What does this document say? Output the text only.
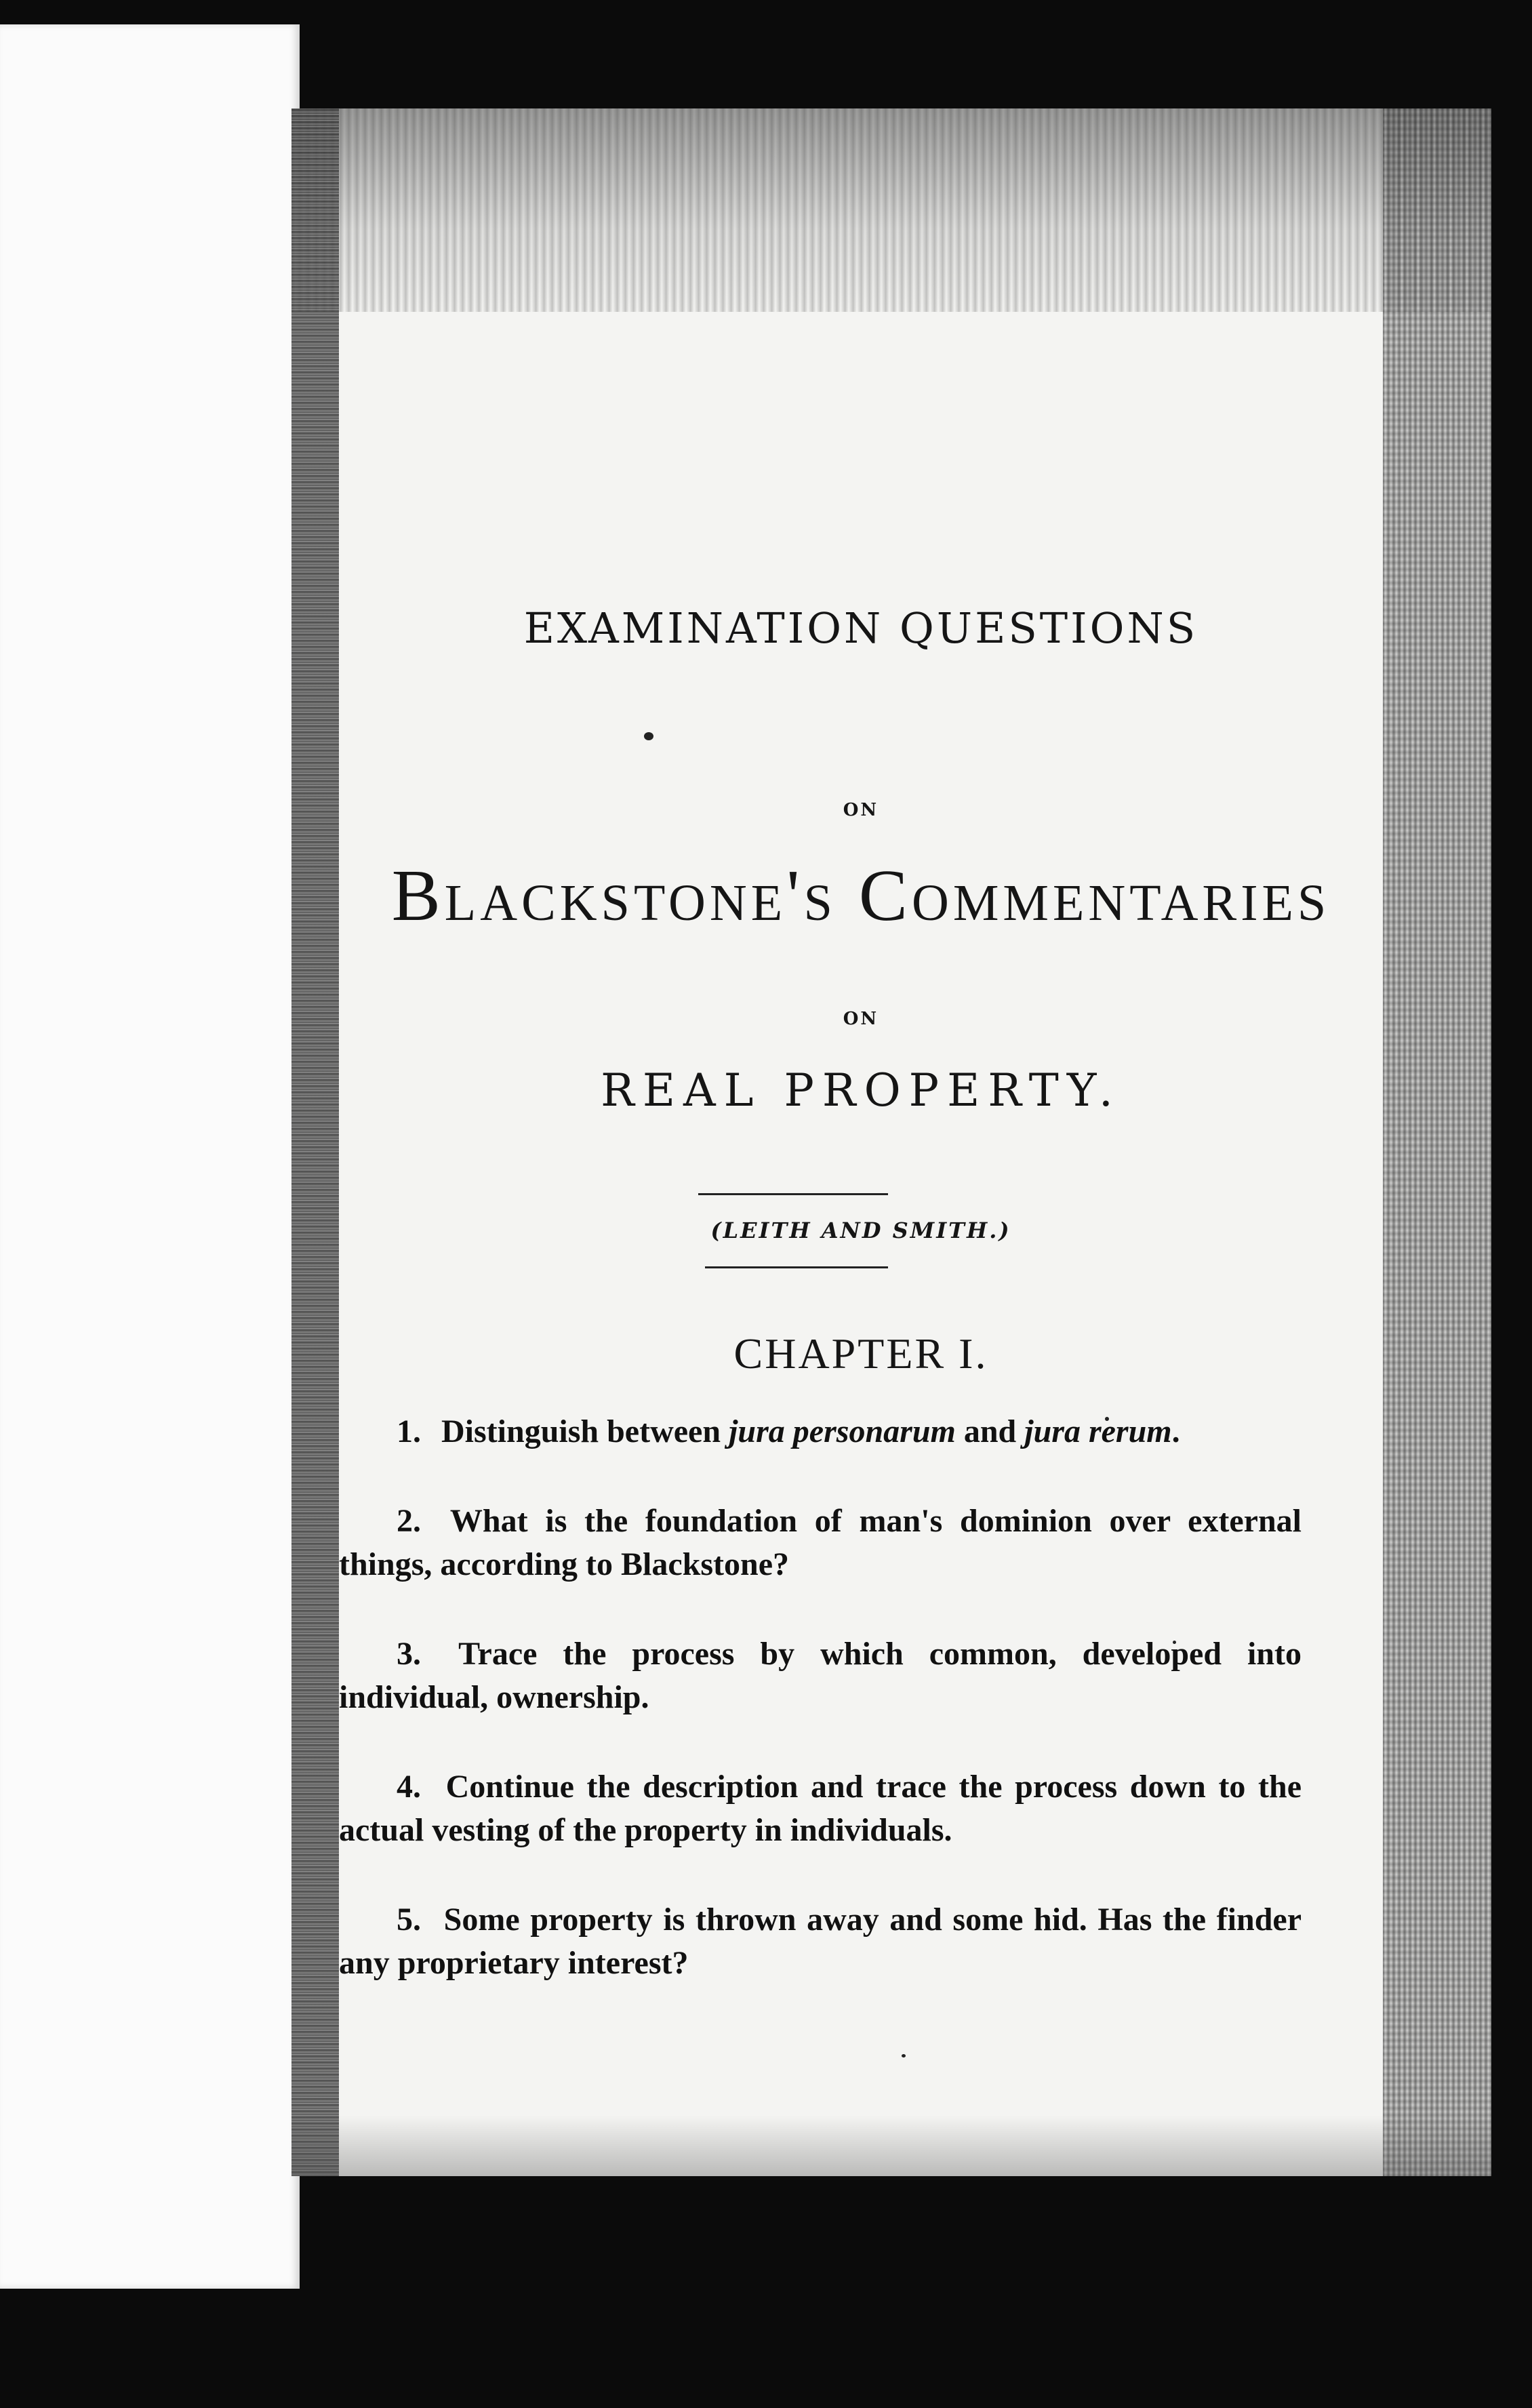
EXAMINATION QUESTIONS
ON
Blackstone's Commentaries
ON
REAL PROPERTY.
(LEITH AND SMITH.)
CHAPTER I.

1. Distinguish between jura personarum and jura rerum.

2. What is the foundation of man's dominion over external things, according to Blackstone?

3. Trace the process by which common, developed into individual, ownership.

4. Continue the description and trace the process down to the actual vesting of the property in individuals.

5. Some property is thrown away and some hid. Has the finder any proprietary interest?
